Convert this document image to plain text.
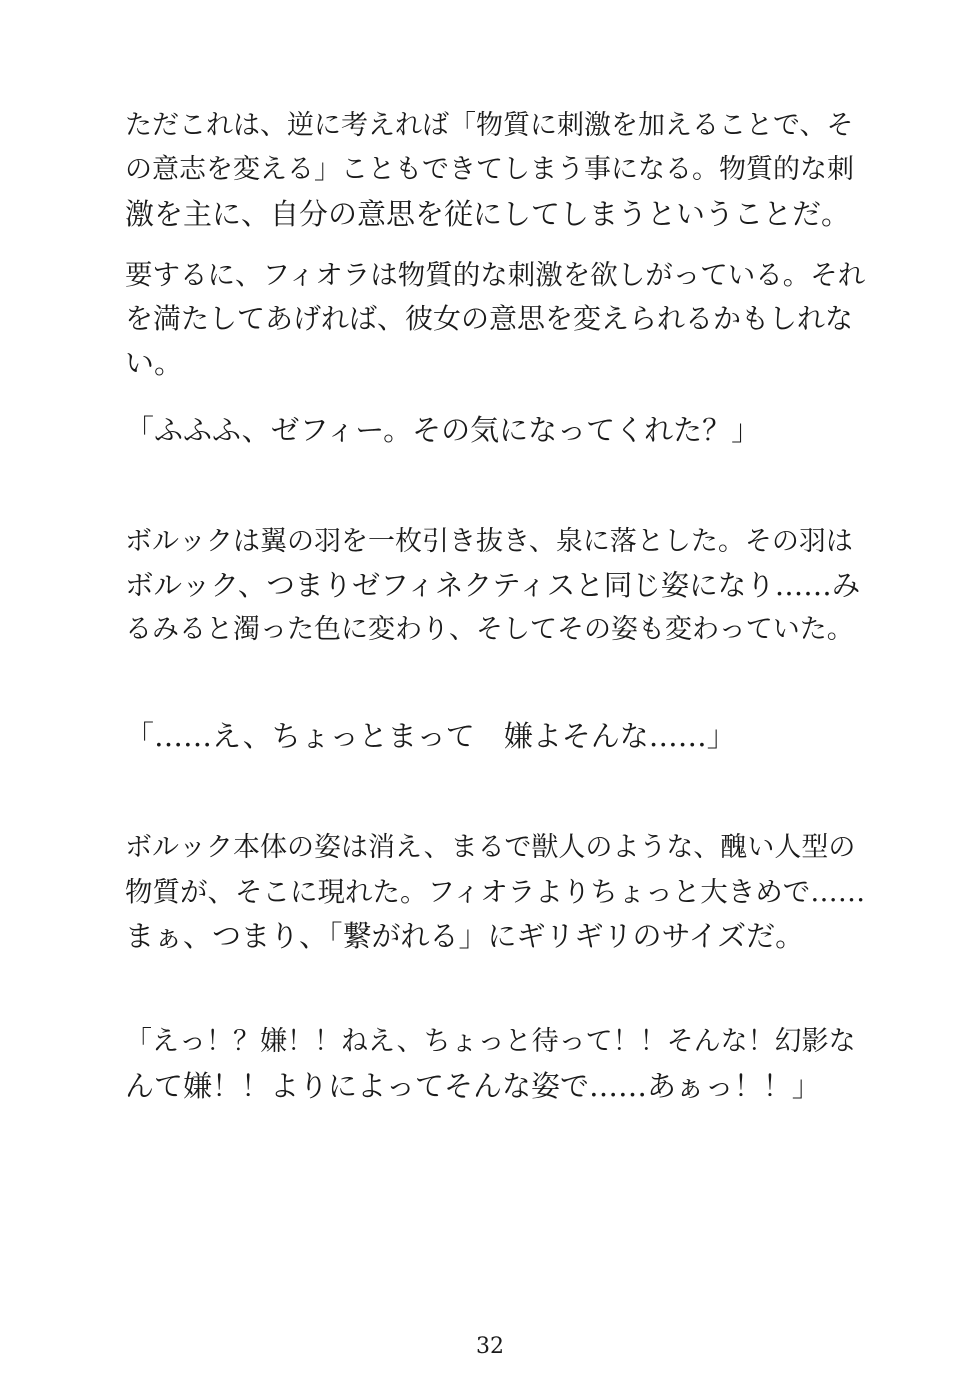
ただこれは、逆に考えれば「物質に刺激を加えることで、そ
の意志を変える」こともできてしまう事になる。物質的な刺
激を主に、自分の意思を従にしてしまうということだ。
要するに、フィオラは物質的な刺激を欲しがっている。それ
を満たしてあげれば、彼女の意思を変えられるかもしれな
い。
「ふふふ、ゼフィー。その気になってくれた？」
ボルックは翼の羽を一枚引き抜き、泉に落とした。その羽は
ボルック、つまりゼフィネクティスと同じ姿になり……み
るみると濁った色に変わり、そしてその姿も変わっていた。
「……え、ちょっとまって　嫌よそんな……」
ボルック本体の姿は消え、まるで獣人のような、醜い人型の
物質が、そこに現れた。フィオラよりちょっと大きめで……
まぁ、つまり、「繋がれる」にギリギリのサイズだ。
「えっ！？嫌！！ねえ、ちょっと待って！！そんな！幻影な
んて嫌！！よりによってそんな姿で……あぁっ！！」
32
